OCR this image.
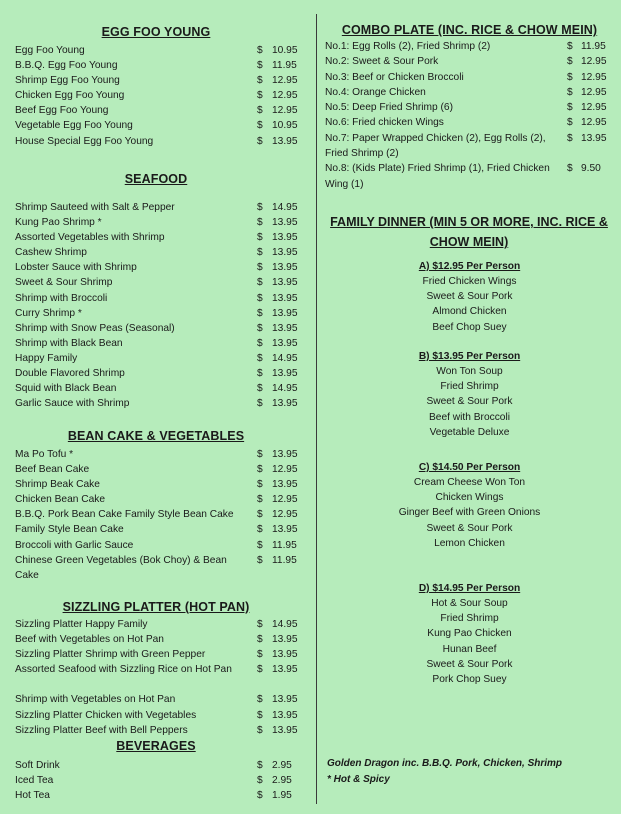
EGG FOO YOUNG
Egg Foo Young	$ 10.95
B.B.Q. Egg Foo Young	$ 11.95
Shrimp Egg Foo Young	$ 12.95
Chicken Egg Foo Young	$ 12.95
Beef Egg Foo Young	$ 12.95
Vegetable Egg Foo Young	$ 10.95
House Special Egg Foo Young	$ 13.95
SEAFOOD
Shrimp Sauteed with Salt & Pepper	$ 14.95
Kung Pao Shrimp *	$ 13.95
Assorted Vegetables with Shrimp	$ 13.95
Cashew Shrimp	$ 13.95
Lobster Sauce with Shrimp	$ 13.95
Sweet & Sour Shrimp	$ 13.95
Shrimp with Broccoli	$ 13.95
Curry Shrimp *	$ 13.95
Shrimp with Snow Peas (Seasonal)	$ 13.95
Shrimp with Black Bean	$ 13.95
Happy Family	$ 14.95
Double Flavored Shrimp	$ 13.95
Squid with Black Bean	$ 14.95
Garlic Sauce with Shrimp	$ 13.95
BEAN CAKE & VEGETABLES
Ma Po Tofu *	$ 13.95
Beef Bean Cake	$ 12.95
Shrimp Beak Cake	$ 13.95
Chicken Bean Cake	$ 12.95
B.B.Q. Pork Bean Cake Family Style Bean Cake $ 12.95
Family Style Bean Cake	$ 13.95
Broccoli with Garlic Sauce	$ 11.95
Chinese Green Vegetables (Bok Choy) & Bean Cake
$ 11.95
SIZZLING PLATTER (HOT PAN)
Sizzling Platter Happy Family	$ 14.95
Beef with Vegetables on Hot Pan	$ 13.95
Sizzling Platter Shrimp with Green Pepper	$ 13.95
Assorted Seafood with Sizzling Rice on Hot Pan	$ 13.95
Shrimp with Vegetables on Hot Pan	$ 13.95
Sizzling Platter Chicken with Vegetables	$ 13.95
Sizzling Platter Beef with Bell Peppers	$ 13.95
BEVERAGES
Soft Drink	$ 2.95
Iced Tea	$ 2.95
Hot Tea	$ 1.95
COMBO PLATE (INC. RICE & CHOW MEIN)
No.1: Egg Rolls (2), Fried Shrimp (2)	$ 11.95
No.2: Sweet & Sour Pork	$ 12.95
No.3: Beef or Chicken Broccoli	$ 12.95
No.4: Orange Chicken	$ 12.95
No.5: Deep Fried Shrimp (6)	$ 12.95
No.6: Fried chicken Wings	$ 12.95
No.7: Paper Wrapped Chicken (2), Egg Rolls (2), Fried Shrimp (2)
$ 13.95
No.8: (Kids Plate) Fried Shrimp (1), Fried Chicken Wing (1)
$ 9.50
FAMILY DINNER (MIN 5 OR MORE, INC. RICE & CHOW MEIN)
A) $12.95 Per Person
Fried Chicken Wings
Sweet & Sour Pork
Almond Chicken
Beef Chop Suey
B) $13.95 Per Person
Won Ton Soup
Fried Shrimp
Sweet & Sour Pork
Beef with Broccoli
Vegetable Deluxe
C) $14.50 Per Person
Cream Cheese Won Ton
Chicken Wings
Ginger Beef with Green Onions
Sweet & Sour Pork
Lemon Chicken
D) $14.95 Per Person
Hot & Sour Soup
Fried Shrimp
Kung Pao Chicken
Hunan Beef
Sweet & Sour Pork
Pork Chop Suey
Golden Dragon inc. B.B.Q. Pork, Chicken, Shrimp
* Hot & Spicy
